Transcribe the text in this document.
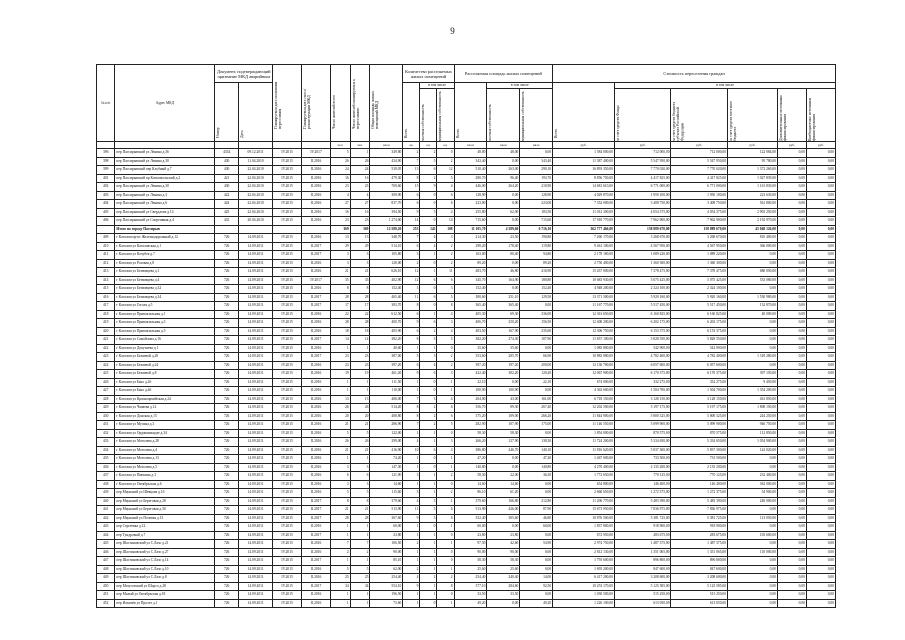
9
№ п/п	Адрес МКД	Документ, подтверждающий признание МКД аварийным		Планируемая дата окончания переселения	Планируемая дата сноса/реконструкции МКД	Число жителей всего	Число жителей планируемых к переселению	Общая площадь жилых помещений МКД	Количество расселяемых жилых помещений			Расселяемая площадь жилых помещений			Стоимость переселения граждан					

		Номер	Дата						Всего	в том числе		Всего	в том числе		Всего	в том числе				

										частная собственность	муниципальная собственность		частная собственность	муниципальная собственность		за счет средств Фонда	за счет средств бюджета субъекта Российской Федерации	за счет средств местного бюджета	Дополнительные источники финансирования	Внебюджетные источники финансирования

						чел.	чел.	кв.м	ед.	ед.	ед.	кв.м	кв.м	кв.м	руб.	руб.	руб.	руб.	руб.	руб.
396	пер Пассирывский ул Ленина д.36	4334	09.12.2011	IV.2015	IV.2017	5	1	349,80	2	2	0	48,00	48,00	0,00	1 584 000,00	712 000,00	712 000,00	122 084,00	0,00	0,00
398	пер Пассирывский ул Ленина д.30	430	11.04.2010	IV.2015	II.2016	26	26	434,90	7	5	2	343,40	0,00	343,40	11 387 400,00	5 547 950,00	5 547 950,00	95 780,00	0,00	0,00
399	пер Пассирывский пер Клубный д.7	430	22.04.2010	IV.2015	II.2016	24	24	539,05	13	6	12	510,40	263,00	290,10	16 893 350,00	7 770 020,00	7 770 020,00	1 372 260,00	0,00	0,00
401	пер Пассирывский пр Комсомольский д.2	421	22.04.2010	IV.2015	II.2016	16	16	479,30	8	2	5	280,70	96,40	193,70	8 856 750,00	4 417 825,00	4 417 825,00	1 027 839,00	0,00	0,00
402	пер Пассирывский ул Ленина д.30	430	22.04.2010	IV.2015	II.2016	23	23	769,60	15	9	4	446,00	264,20	210,90	14 681 610,00	6 771 000,00	6 771 000,00	1 161 830,00	0,00	0,00
403	пер Пассирывский ул Ленина д.3	422	22.04.2010	IV.2015	II.2016	4	4	309,90	6	0	6	128,90	0,00	128,90	4 029 870,00	1 950 100,00	1 950 100,00	223 630,00	0,00	0,00
404	пер Пассирывский ул Ленина д.6	424	22.04.2010	IV.2015	II.2016	27	27	837,70	6	0	6	223,00	0,00	223,00	7 352 000,00	3 408 750,00	3 408 750,00	561 800,00	0,00	0,00
405	пер Пассирывский ул Свердлова д.14	425	22.04.2010	IV.2015	II.2016	16	16	394,50	9	5	4	255,80	62,00	183,50	11 012 300,00	4 054 375,00	4 054 375,00	2 903 250,00	0,00	0,00
406	пер Пассирывский ул Спортивная д.4	433	20.04.2010	IV.2015	II.2016	23	23	1 274,00	14	0	14	715,60	0,00	715,60	17 918 770,00	7 962 900,00	7 962 900,00	2 192 970,00	0,00	0,00
	Итого по городу Пассирыв					369	369	12 580,20	253	145	108	11 105,70	4 389,60	6 716,10	362 777 466,00	158 889 670,00	158 889 670,00	45 048 126,00	0,00	0,00
409	г Кагалом пр-кт Железнодорожный д.12	726	14.09.2011	IV.2015	II.2016	13	13	348,70	7	4	3	214,30	23,50	190,80	7 260 170,00	3 268 670,00	3 268 670,00	810 400,00	0,00	0,00
410	г Кагалом ул Кагаловская д.1	726	14.09.2011	IV.2015	II.2017	29	29	514,10	6	4	2	298,20	178,40	119,80	9 461 100,00	4 567 950,00	4 567 950,00	366 000,00	0,00	0,00
411	г Кагалом ул Кочубея д.7	726	14.09.2011	IV.2015	II.2017	3	3	105,80	3	1	2	163,00	80,40	94,80	2 178 180,00	1 089 220,00	1 089 220,00	0,00	0,00	0,00
412	г Кагалом ул Розовая д.8	726	14.09.2011	IV.2015	II.2016	3	3	120,00	2	0	2	89,20	0,00	89,20	2 750 400,00	1 360 300,00	1 360 300,00	0,00	0,00	0,00
413	г Кагалом ул Безвовцева д.1	726	14.09.2011	IV.2015	II.2016	21	21	626,10	12	1	11	483,70	46,80	416,90	15 437 000,00	7 378 475,00	7 378 475,00	680 050,00	0,00	0,00
414	г Кагалом ул Безвовцева д.4	726	14.09.2011	IV.2015	IV.2017	35	35	402,90	12	6	6	345,70	164,90	180,80	10 683 930,00	5 075 425,00	5 075 425,00	533 080,00	0,00	0,00
415	г Кагалом ул Безвовцева д.32	726	14.09.2011	IV.2015	II.2016	8	8	152,40	3	0	3	152,40	0,00	152,40	4 948 200,00	2 324 100,00	2 324 100,00	0,00	0,00	0,00
416	г Кагалом ул Безвовцева д.34	726	14.09.2011	IV.2015	II.2017	28	28	465,40	11	6	5	380,60	251,10	129,50	13 371 300,00	5 920 160,00	5 920 160,00	1 530 980,00	0,00	0,00
417	г Кагалом ул Гоголя д.5	726	14.09.2011	IV.2015	II.2017	17	17	383,70	8	0	8	365,40	365,40	0,00	11 167 770,00	5 517 450,00	5 517 450,00	132 870,00	0,00	0,00
418	г Кагалом ул Привокзальная д.1	726	14.09.2011	IV.2015	II.2016	22	22	612,50	6	1	4	405,30	69,30	336,00	12 361 650,00	6 160 825,00	6 160 825,00	40 000,00	0,00	0,00
419	г Кагалом ул Привокзальная д.3	726	14.09.2011	IV.2015	II.2016	28	28	400,70	9	6	3	406,70	250,20	156,50	12 408 200,00	6 202 175,00	6 202 175,00	0,00	0,00	0,00
420	г Кагалом ул Привокзальная д.5	726	14.09.2011	IV.2015	II.2016	18	18	405,90	6	2	4	403,50	167,90	235,60	12 306 750,00	6 153 375,00	6 153 375,00	0,00	0,00	0,00
421	г Кагалом ул Самойлова д.16	726	14.09.2011	IV.2015	II.2017	14	14	382,20	8	3	5	382,20	274,30	107,90	11 657 100,00	5 828 550,00	5 828 550,00	0,00	0,00	0,00
422	г Кагалом ул Докучаева д.1	726	14.09.2011	IV.2015	II.2016	1	1	40,60	1	1	0	35,60	35,60	0,00	1 085 800,00	542 900,00	542 900,00	0,00	0,00	0,00
423	г Кагалом ул Беляевой д.20	726	14.09.2011	IV.2015	II.2017	23	23	387,00	5	3	2	353,60	285,70	66,90	10 883 080,00	4 782 400,00	4 782 400,00	1 318 280,00	0,00	0,00
424	г Кагалом ул Беляевой д.24	726	14.09.2011	IV.2015	II.2016	23	23	397,20	6	4	2	397,20	197,20	200,00	12 130 700,00	6 057 600,00	6 057 600,00	0,00	0,00	0,00
425	г Кагалом ул Беляевой д.8	726	14.09.2011	IV.2015	II.2016	19	19	461,20	9	6	3	422,40	302,20	120,20	12 067 900,00	6 170 375,00	6 170 375,00	397 150,00	0,00	0,00
426	г Кагалом ул Бакх д.26	726	14.09.2011	IV.2015	II.2016	1	1	111,50	1	0	1	22,10	0,00	22,10	674 000,00	332 275,00	332 275,00	9 450,00	0,00	0,00
427	г Кагалом ул Бакх д.46	726	14.09.2011	IV.2015	II.2016	1	1	110,00	1	0	1	100,90	100,90	0,00	4 363 600,00	1 504 700,00	1 504 700,00	1 354 200,00	0,00	0,00
428	г Кагалом ул Красноармейская д.24	726	14.09.2011	IV.2015	II.2016	13	13	406,00	7	3	4	204,00	43,00	161,00	6 718 150,00	3 128 150,00	3 128 150,00	461 850,00	0,00	0,00
429	г Кагалом ул Чапаева д.12	726	14.09.2011	IV.2015	II.2016	26	26	514,20	8	2	6	356,70	89,30	267,40	12 202 500,00	5 197 175,00	5 197 175,00	1 808 150,00	0,00	0,00
430	г Кагалом ул Донская д.15	726	14.09.2011	IV.2015	II.2016	20	20	408,80	8	2	6	375,20	109,00	266,20	11 844 900,00	5 800 325,00	5 800 325,00	244 250,00	0,00	0,00
431	г Кагалом ул Мусина д.3	726	14.09.2011	IV.2015	II.2016	21	21	286,90	7	2	5	282,90	107,90	175,00	11 146 550,00	5 099 900,00	5 099 900,00	946 750,00	0,00	0,00
432	г Кагалом ул Орджоникидзе д.34	726	14.09.2011	IV.2015	II.2016	5	5	122,00	1	1	0	58,30	58,30	0,00	1 854 000,00	870 575,00	870 575,00	112 850,00	0,00	0,00
433	г Кагалом ул Мотолева д.28	726	14.09.2011	IV.2015	II.2016	26	26	299,00	4	1	3	266,20	127,90	138,30	11 724 200,00	5 334 650,00	5 334 650,00	1 054 900,00	0,00	0,00
434	г Кагалом ул Мотолева д.4	726	14.09.2011	IV.2015	II.2016	21	21	416,90	10	6	4	386,80	246,70	140,10	11 816 620,00	5 837 300,00	5 837 300,00	142 020,00	0,00	0,00
435	г Кагалом ул Мотолева д.13	726	14.09.2011	IV.2015	II.2016	1	1	74,20	1	0	1	47,20	0,00	47,20	1 467 000,00	733 500,00	733 500,00	0,00	0,00	0,00
436	г Кагалом ул Мотолева д.5	726	14.09.2011	IV.2015	II.2016	3	3	147,30	1	0	1	140,80	0,00	140,80	4 270 400,00	2 135 200,00	2 135 200,00	0,00	0,00	0,00
437	г Кагалом ул Пипкина д.3	726	14.09.2011	IV.2015	II.2016	6	6	121,90	3	1	2	58,30	22,00	36,30	1 772 650,00	770 125,00	770 125,00	232 400,00	0,00	0,00
438	г Кагалом ул Октябрьская д.6	726	14.09.2011	IV.2015	II.2016	3	3	14,60	1	1	0	14,60	14,60	0,00	654 800,00	146 400,00	146 400,00	362 000,00	0,00	0,00
439	пер Маунский ул Шевцова д.16	726	14.09.2011	IV.2015	II.2016	5	5	115,60	3	1	2	86,10	61,20	0,00	2 660 650,00	1 272 375,00	1 272 375,00	54 900,00	0,00	0,00
440	пер Маунский ул Береговая д.28	726	14.09.2011	IV.2015	II.2017	8	8	379,60	4	3	1	379,60	166,80	212,80	11 206 770,00	5 483 390,00	5 483 390,00	240 000,00	0,00	0,00
441	пер Маунский ул Береговая д.30	726	14.09.2011	IV.2015	II.2017	21	21	513,90	11	5	6	513,90	426,00	87,90	15 673 950,00	7 836 975,00	7 836 975,00	0,00	0,00	0,00
442	пер Маунский ул Полевая д.13	726	14.09.2011	IV.2015	II.2017	28	28	367,60	9	3	6	352,40	305,60	46,80	10 876 500,00	5 381 725,00	5 381 725,00	113 050,00	0,00	0,00
443	пер Сергеевка д.12	726	14.09.2011	IV.2015	II.2016	1	1	60,00	1	0	1	60,00	0,00	60,00	1 837 800,00	918 900,00	918 900,00	0,00	0,00	0,00
444	пер Тундровый д.7	726	14.09.2011	IV.2015	II.2017	1	1	23,80	1	1	0	23,80	23,80	0,00	672 950,00	283 675,00	283 675,00	105 600,00	0,00	0,00
445	пер Шастиновский ул С.Лазо д.21	726	14.09.2011	IV.2015	II.2016	7	7	106,50	2	1	1	97,50	42,60	54,90	2 974 750,00	1 487 375,00	1 487 375,00	0,00	0,00	0,00
446	пер Шастиновский ул С.Лазо д.27	726	14.09.2011	IV.2015	II.2016	2	2	90,00	1	1	0	90,00	90,00	0,00	2 812 130,00	1 351 065,00	1 351 065,00	110 000,00	0,00	0,00
447	пер Шастиновский ул С.Лазо д.14	726	14.09.2011	IV.2015	II.2017	1	1	85,10	1	1	0	58,30	58,30	0,00	1 793 600,00	896 800,00	896 800,00	0,00	0,00	0,00
448	пер Шастиновский ул С.Лазо д.10	726	14.09.2011	IV.2015	II.2016	5	5	62,00	2	1	1	25,60	25,60	0,00	1 695 200,00	847 600,00	847 600,00	0,00	0,00	0,00
449	пер Шастиновский ул С.Лазо д.8	726	14.09.2011	IV.2015	II.2016	25	25	254,40	4	2	2	254,40	240,40	14,00	6 417 200,00	3 208 600,00	3 208 600,00	0,00	0,00	0,00
450	пер Матусовский ул Шорса д.28	726	14.09.2011	IV.2015	II.2017	34	34	554,10	9	1	8	377,10	284,60	92,50	10 253 170,00	5 125 585,00	5 125 585,00	0,00	0,00	0,00
451	пер Малый ул Октябрьская д.18	726	14.09.2011	IV.2015	II.2016	1	1	196,50	1	1	0	33,50	33,50	0,00	1 030 500,00	515 250,00	515 250,00	0,00	0,00	0,00
452	пер Ильичёв ул Пролет д.1	726	14.09.2011	IV.2015	II.2016	1	1	73,60	1	0	1	49,20	0,00	49,20	1 226 100,00	613 050,00	613 050,00	0,00	0,00	0,00
